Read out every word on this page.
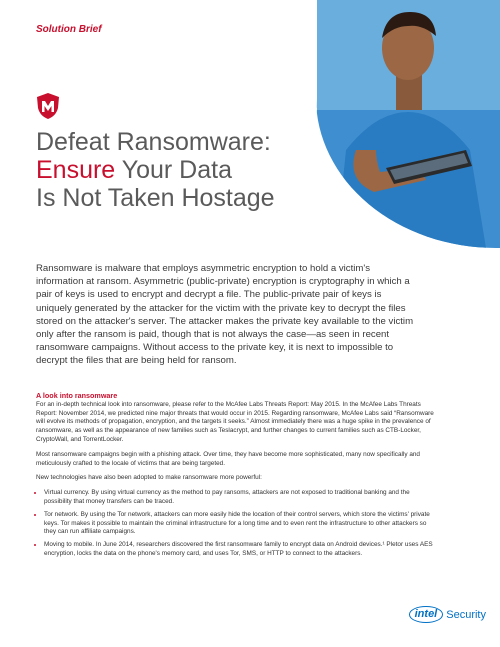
Solution Brief
Defeat Ransomware:
Ensure Your Data
Is Not Taken Hostage

Ransomware is malware that employs asymmetric encryption to hold a victim's information at ransom. Asymmetric (public-private) encryption is cryptography in which a pair of keys is used to encrypt and decrypt a file. The public-private pair of keys is uniquely generated by the attacker for the victim with the private key to decrypt the files stored on the attacker's server. The attacker makes the private key available to the victim only after the ransom is paid, though that is not always the case—as seen in recent ransomware campaigns. Without access to the private key, it is next to impossible to decrypt the files that are being held for ransom.

A look into ransomware

For an in-depth technical look into ransomware, please refer to the McAfee Labs Threats Report: May 2015. In the McAfee Labs Threats Report: November 2014, we predicted nine major threats that would occur in 2015. Regarding ransomware, McAfee Labs said “Ransomware will evolve its methods of propagation, encryption, and the targets it seeks.” Almost immediately there was a huge spike in the prevalence of ransomware, as well as the appearance of new families such as Teslacrypt, and further changes to current families such as CTB-Locker, CryptoWall, and TorrentLocker.

Most ransomware campaigns begin with a phishing attack. Over time, they have become more sophisticated, many now specifically and meticulously crafted to the locale of victims that are being targeted.

New technologies have also been adopted to make ransomware more powerful:

• Virtual currency. By using virtual currency as the method to pay ransoms, attackers are not exposed to traditional banking and the possibility that money transfers can be traced.
• Tor network. By using the Tor network, attackers can more easily hide the location of their control servers, which store the victims' private keys. Tor makes it possible to maintain the criminal infrastructure for a long time and to even rent the infrastructure to other attackers so they can run affiliate campaigns.
• Moving to mobile. In June 2014, researchers discovered the first ransomware family to encrypt data on Android devices.¹ Pletor uses AES encryption, locks the data on the phone's memory card, and uses Tor, SMS, or HTTP to connect to the attackers.
intel Security
